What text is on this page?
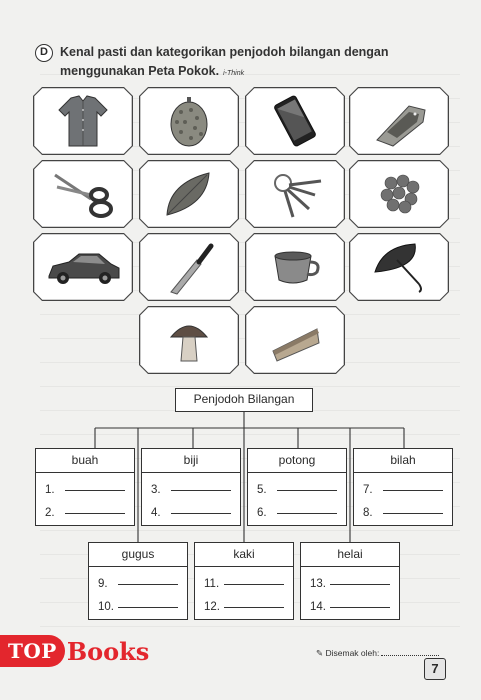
D Kenal pasti dan kategorikan penjodoh bilangan dengan menggunakan Peta Pokok. i-Think
Penjodoh Bilangan
buah
1.
2.
biji
3.
4.
potong
5.
6.
bilah
7.
8.
gugus
9.
10.
kaki
11.
12.
helai
13.
14.
TOP Books	✎ Disemak oleh:
7
